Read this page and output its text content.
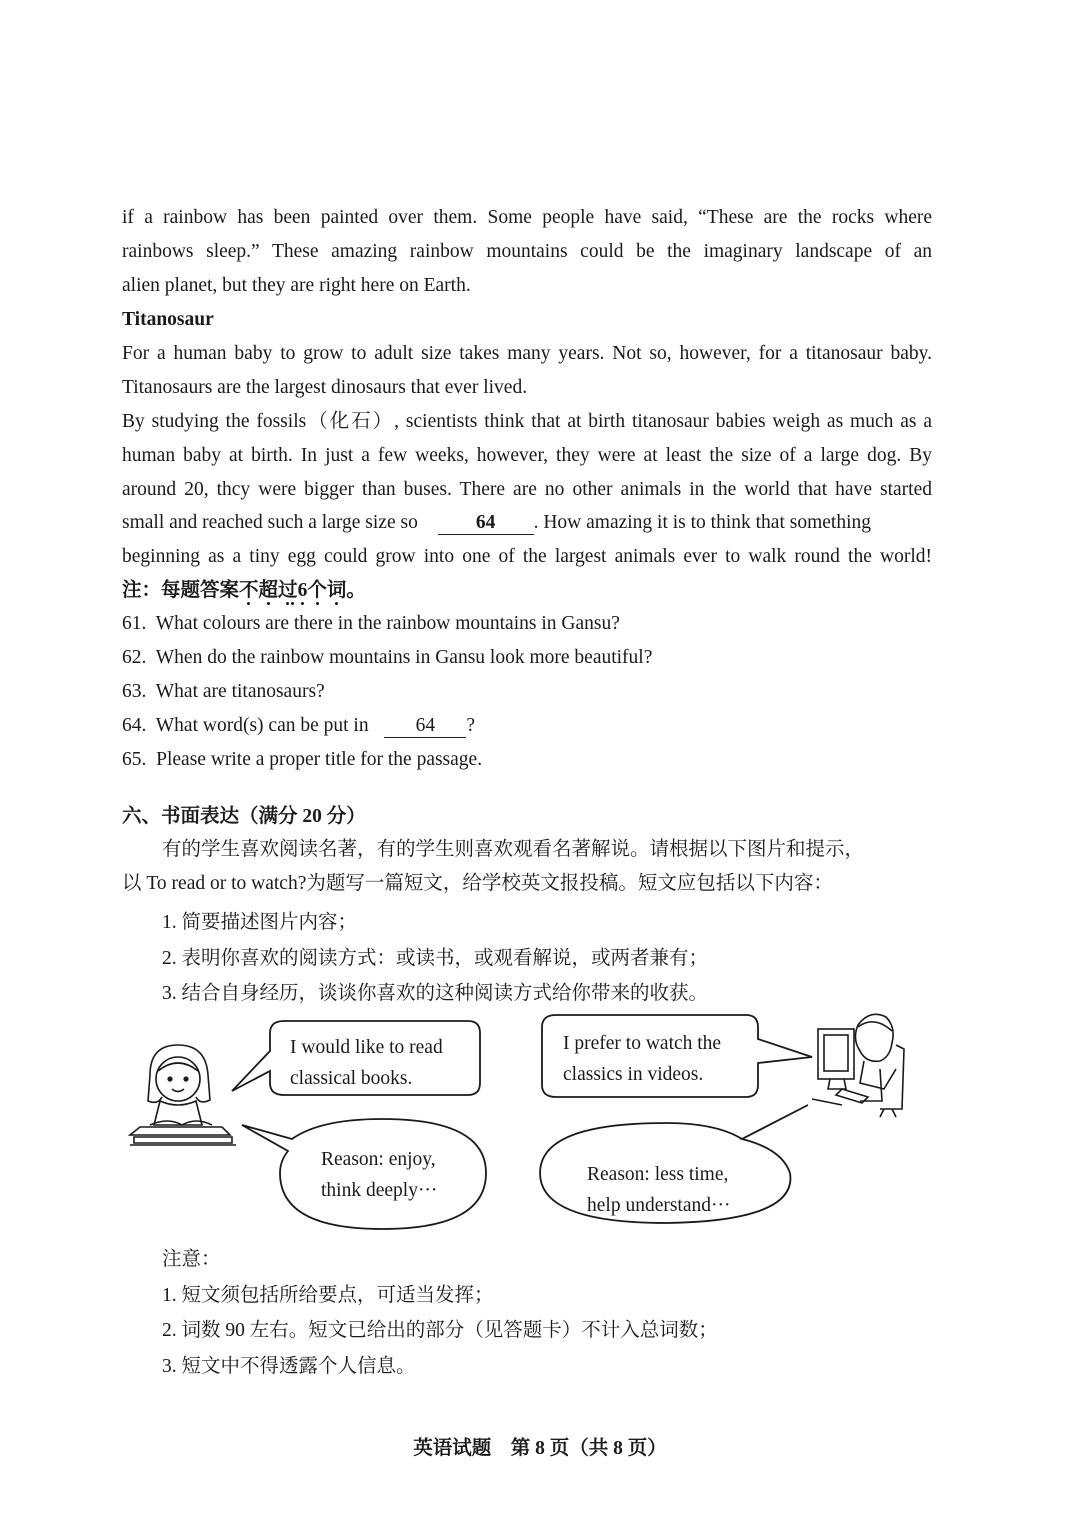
if a rainbow has been painted over them. Some people have said, “These are the rocks where
rainbows sleep.” These amazing rainbow mountains could be the imaginary landscape of an
alien planet, but they are right here on Earth.
Titanosaur
For a human baby to grow to adult size takes many years. Not so, however, for a titanosaur baby.
Titanosaurs are the largest dinosaurs that ever lived.
By studying the fossils（化石）, scientists think that at birth titanosaur babies weigh as much as a
human baby at birth. In just a few weeks, however, they were at least the size of a large dog. By
around 20, thcy were bigger than buses. There are no other animals in the world that have started
small and reached such a large size so	64 . How amazing it is to think that something
beginning as a tiny egg could grow into one of the largest animals ever to walk round the world!
注：每题答案不超过6个词。
61. What colours are there in the rainbow mountains in Gansu?
62. When do the rainbow mountains in Gansu look more beautiful?
63. What are titanosaurs?
64. What word(s) can be put in 64 ?
65. Please write a proper title for the passage.
六、书面表达（满分 20 分）
有的学生喜欢阅读名著，有的学生则喜欢观看名著解说。请根据以下图片和提示，
以 To read or to watch?为题写一篇短文，给学校英文报投稿。短文应包括以下内容：
1. 简要描述图片内容；
2. 表明你喜欢的阅读方式：或读书，或观看解说，或两者兼有；
3. 结合自身经历，谈谈你喜欢的这种阅读方式给你带来的收获。
I would like to read
classical books.
I prefer to watch the
classics in videos.
Reason: enjoy,
think deeply···
Reason: less time,
help understand···
注意：
1. 短文须包括所给要点，可适当发挥；
2. 词数 90 左右。短文已给出的部分（见答题卡）不计入总词数；
3. 短文中不得透露个人信息。
英语试题　第 8 页（共 8 页）
